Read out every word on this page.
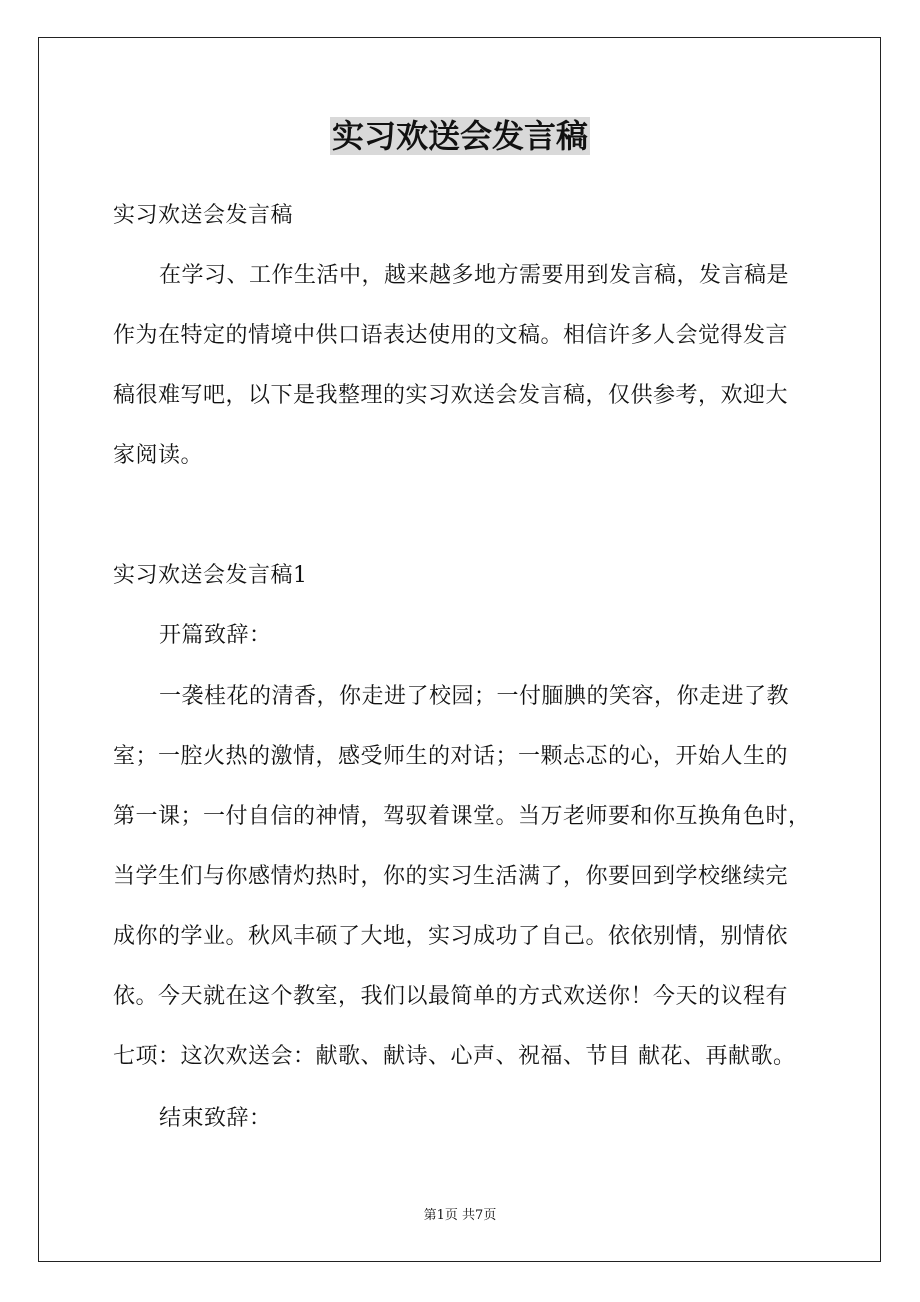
实习欢送会发言稿
实习欢送会发言稿
在学习、工作生活中，越来越多地方需要用到发言稿，发言稿是
作为在特定的情境中供口语表达使用的文稿。相信许多人会觉得发言
稿很难写吧，以下是我整理的实习欢送会发言稿，仅供参考，欢迎大
家阅读。
实习欢送会发言稿1
开篇致辞：
一袭桂花的清香，你走进了校园；一付腼腆的笑容，你走进了教
室；一腔火热的激情，感受师生的对话；一颗忐忑的心，开始人生的
第一课；一付自信的神情，驾驭着课堂。当万老师要和你互换角色时，
当学生们与你感情灼热时，你的实习生活满了，你要回到学校继续完
成你的学业。秋风丰硕了大地，实习成功了自己。依依别情，别情依
依。今天就在这个教室，我们以最简单的方式欢送你！今天的议程有
七项：这次欢送会：献歌、献诗、心声、祝福、节目 献花、再献歌。
结束致辞：
第1页 共7页
